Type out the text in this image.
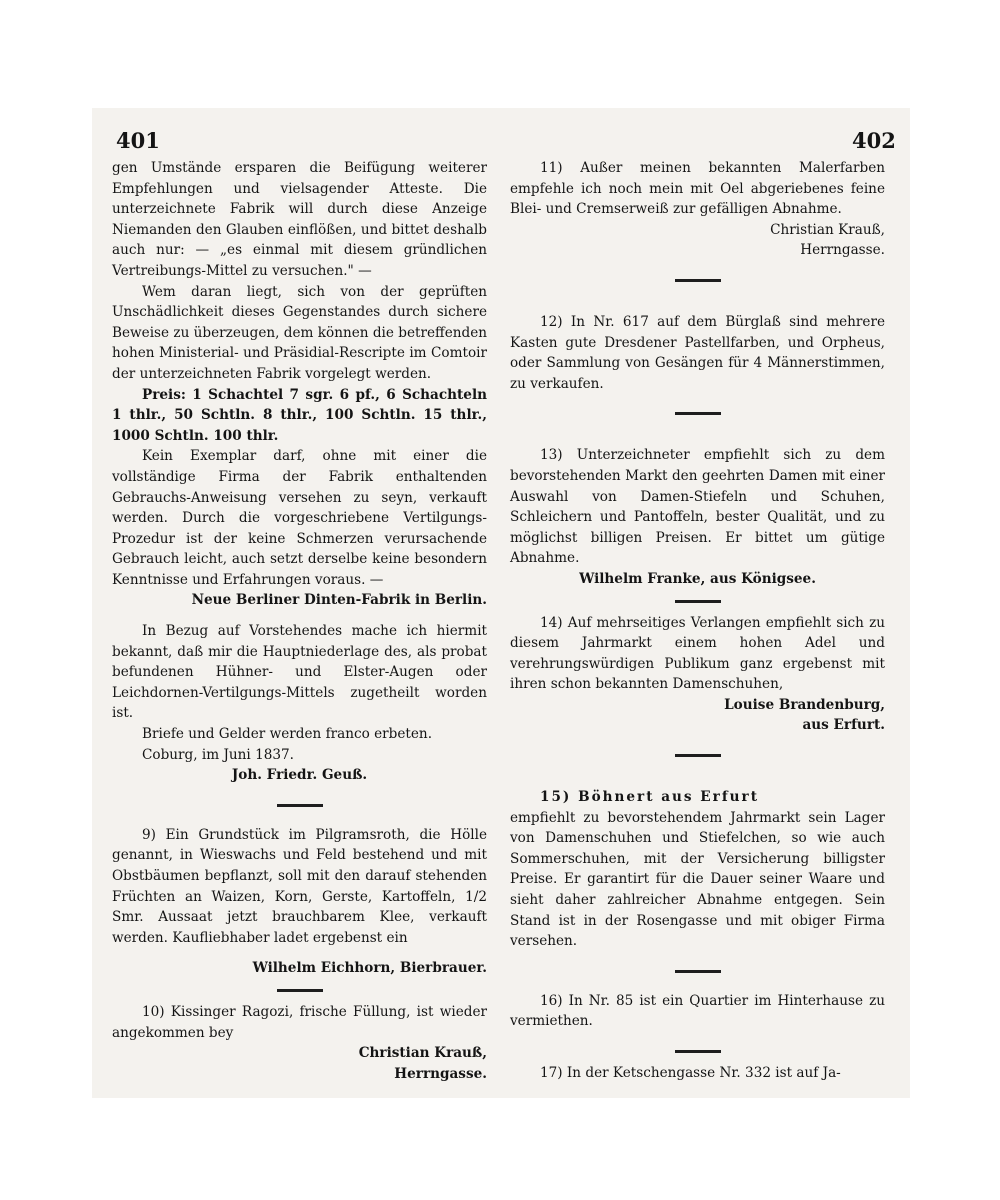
401	402

gen Umstände ersparen die Beifügung weiterer Empfehlungen und vielsagender Atteste. Die unterzeichnete Fabrik will durch diese Anzeige Niemanden den Glauben einflößen, und bittet deshalb auch nur: — „es einmal mit diesem gründlichen Vertreibungs-Mittel zu versuchen." —

Wem daran liegt, sich von der geprüften Unschädlichkeit dieses Gegenstandes durch sichere Beweise zu überzeugen, dem können die betreffenden hohen Ministerial- und Präsidial-Rescripte im Comtoir der unterzeichneten Fabrik vorgelegt werden.

Preis: 1 Schachtel 7 sgr. 6 pf., 6 Schachteln 1 thlr., 50 Schtln. 8 thlr., 100 Schtln. 15 thlr., 1000 Schtln. 100 thlr.

Kein Exemplar darf, ohne mit einer die vollständige Firma der Fabrik enthaltenden Gebrauchs-Anweisung versehen zu seyn, verkauft werden. Durch die vorgeschriebene Vertilgungs-Prozedur ist der keine Schmerzen verursachende Gebrauch leicht, auch setzt derselbe keine besondern Kenntnisse und Erfahrungen voraus. —

Neue Berliner Dinten-Fabrik in Berlin.

In Bezug auf Vorstehendes mache ich hiermit bekannt, daß mir die Hauptniederlage des, als probat befundenen Hühner- und Elster-Augen oder Leichdornen-Vertilgungs-Mittels zugetheilt worden ist.

Briefe und Gelder werden franco erbeten.

Coburg, im Juni 1837.

Joh. Friedr. Geuß.

9) Ein Grundstück im Pilgramsroth, die Hölle genannt, in Wieswachs und Feld bestehend und mit Obstbäumen bepflanzt, soll mit den darauf stehenden Früchten an Waizen, Korn, Gerste, Kartoffeln, 1/2 Smr. Aussaat jetzt brauchbarem Klee, verkauft werden. Kaufliebhaber ladet ergebenst ein

Wilhelm Eichhorn, Bierbrauer.

10) Kissinger Ragozi, frische Füllung, ist wieder angekommen bey

Christian Krauß,

Herrngasse.

11) Außer meinen bekannten Malerfarben empfehle ich noch mein mit Oel abgeriebenes feine Blei- und Cremserweiß zur gefälligen Abnahme.

Christian Krauß,

Herrngasse.

12) In Nr. 617 auf dem Bürglaß sind mehrere Kasten gute Dresdener Pastellfarben, und Orpheus, oder Sammlung von Gesängen für 4 Männerstimmen, zu verkaufen.

13) Unterzeichneter empfiehlt sich zu dem bevorstehenden Markt den geehrten Damen mit einer Auswahl von Damen-Stiefeln und Schuhen, Schleichern und Pantoffeln, bester Qualität, und zu möglichst billigen Preisen. Er bittet um gütige Abnahme.

Wilhelm Franke, aus Königsee.

14) Auf mehrseitiges Verlangen empfiehlt sich zu diesem Jahrmarkt einem hohen Adel und verehrungswürdigen Publikum ganz ergebenst mit ihren schon bekannten Damenschuhen,

Louise Brandenburg,

aus Erfurt.

15) Böhnert aus Erfurt

empfiehlt zu bevorstehendem Jahrmarkt sein Lager von Damenschuhen und Stiefelchen, so wie auch Sommerschuhen, mit der Versicherung billigster Preise. Er garantirt für die Dauer seiner Waare und sieht daher zahlreicher Abnahme entgegen. Sein Stand ist in der Rosengasse und mit obiger Firma versehen.

16) In Nr. 85 ist ein Quartier im Hinterhause zu vermiethen.

17) In der Ketschengasse Nr. 332 ist auf Ja-
